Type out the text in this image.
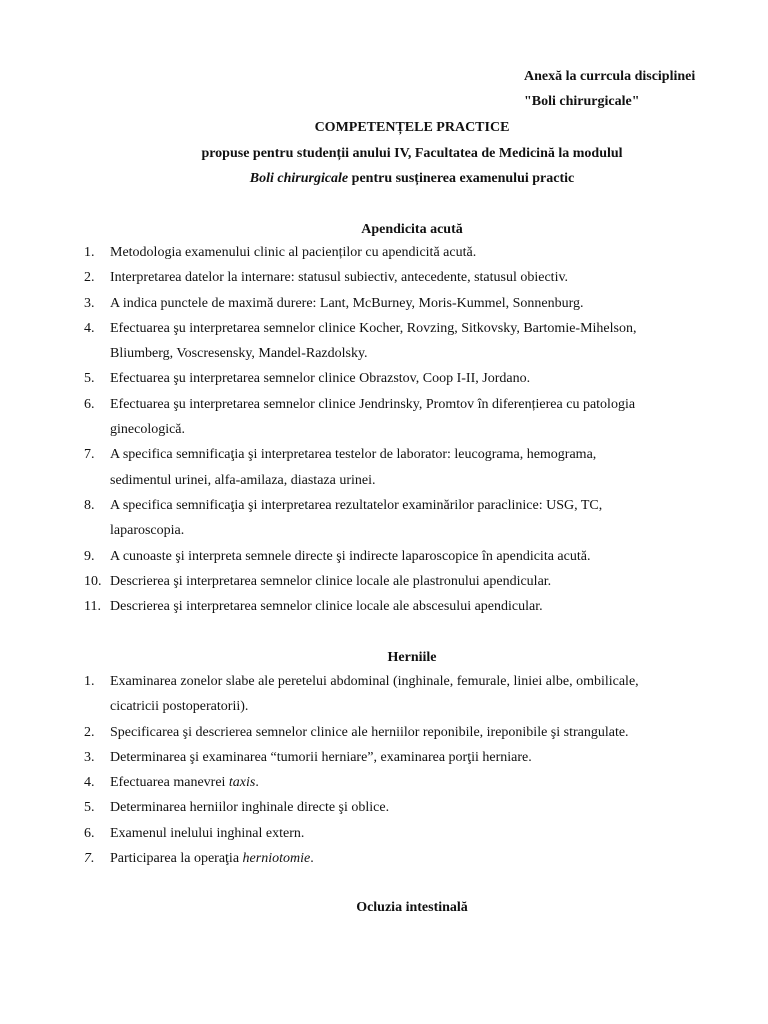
Anexă la currcula disciplinei
"Boli chirurgicale"
COMPETENȚELE PRACTICE
propuse pentru studenții anului IV, Facultatea de Medicină la modulul
Boli chirurgicale pentru susținerea examenului practic
Apendicita acută
1. Metodologia examenului clinic al pacienților cu apendicită acută.
2. Interpretarea datelor la internare: statusul subiectiv, antecedente, statusul obiectiv.
3. A indica punctele de maximă durere: Lant, McBurney, Moris-Kummel, Sonnenburg.
4. Efectuarea şu interpretarea semnelor clinice Kocher, Rovzing, Sitkovsky, Bartomie-Mihelson,
Bliumberg, Voscresensky, Mandel-Razdolsky.
5. Efectuarea şu interpretarea semnelor clinice Obrazstov, Coop I-II, Jordano.
6. Efectuarea şu interpretarea semnelor clinice Jendrinsky, Promtov în diferențierea cu patologia
ginecologică.
7. A specifica semnificaţia şi interpretarea testelor de laborator: leucograma, hemograma,
sedimentul urinei, alfa-amilaza, diastaza urinei.
8. A specifica semnificaţia şi interpretarea rezultatelor examinărilor paraclinice: USG, TC,
laparoscopia.
9. A cunoaste şi interpreta semnele directe şi indirecte laparoscopice în apendicita acută.
10. Descrierea şi interpretarea semnelor clinice locale ale plastronului apendicular.
11. Descrierea şi interpretarea semnelor clinice locale ale abscesului apendicular.
Herniile
1. Examinarea zonelor slabe ale peretelui abdominal (inghinale, femurale, liniei albe, ombilicale,
cicatricii postoperatorii).
2. Specificarea şi descrierea semnelor clinice ale herniilor reponibile, ireponibile şi strangulate.
3. Determinarea şi examinarea “tumorii herniare”, examinarea porţii herniare.
4. Efectuarea manevrei taxis.
5. Determinarea herniilor inghinale directe şi oblice.
6. Examenul inelului inghinal extern.
7. Participarea la operaţia herniotomie.
Ocluzia intestinală
